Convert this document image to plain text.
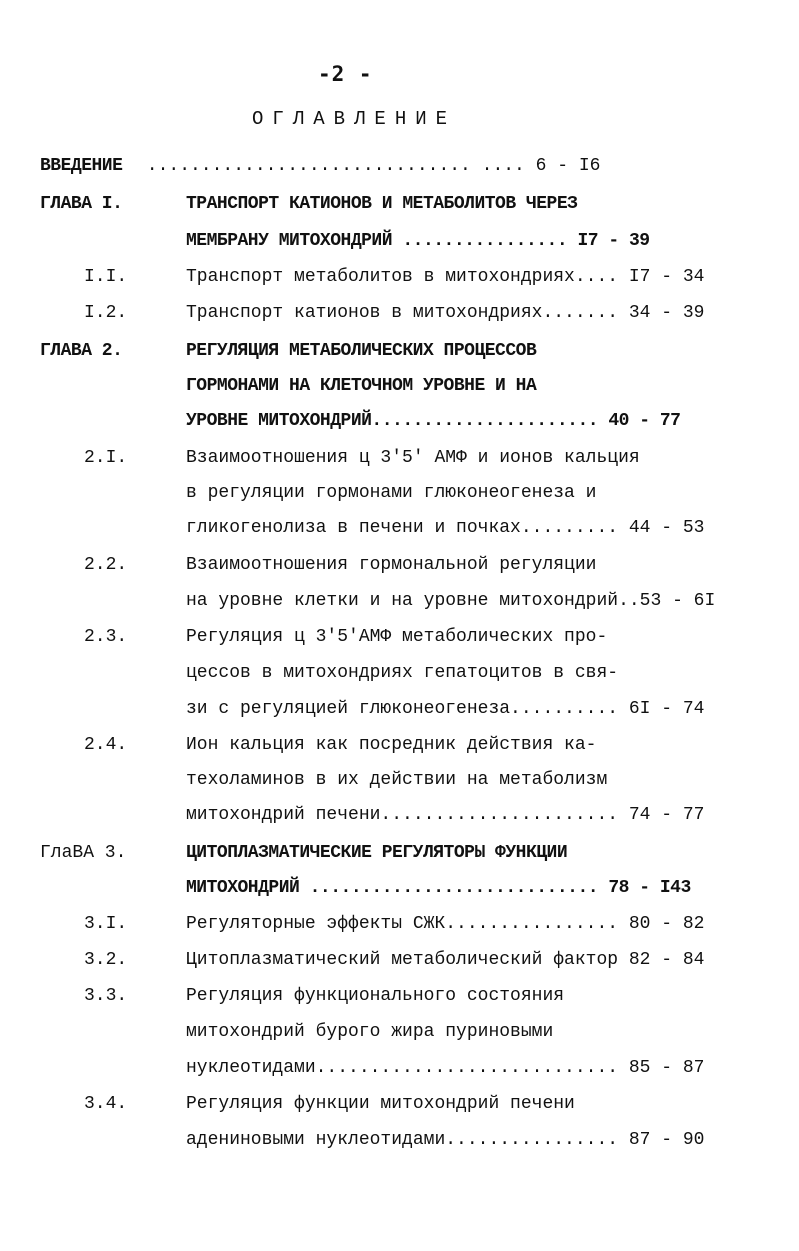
-2 -
ОГЛАВЛЕНИЕ
ВВЕДЕНИЕ .............................. .... 6 - I6
ГЛАВА I.	ТРАНСПОРТ КАТИОНОВ И МЕТАБОЛИТОВ ЧЕРЕЗ
МЕМБРАНУ МИТОХОНДРИЙ ................ I7 - 39
I.I.	Транспорт метаболитов в митохондриях.... I7 - 34
I.2.	Транспорт катионов в митохондриях....... 34 - 39
ГЛАВА 2.	РЕГУЛЯЦИЯ МЕТАБОЛИЧЕСКИХ ПРОЦЕССОВ
ГОРМОНАМИ НА КЛЕТОЧНОМ УРОВНЕ И НА
УРОВНЕ МИТОХОНДРИЙ...................... 40 - 77
2.I.	Взаимоотношения ц 3'5' АМФ и ионов кальция
в регуляции гормонами глюконеогенеза и
гликогенолиза в печени и почках......... 44 - 53
2.2.	Взаимоотношения гормональной регуляции
на уровне клетки и на уровне митохондрий..53 - 6I
2.3.	Регуляция ц 3'5'АМФ метаболических про-
цессов в митохондриях гепатоцитов в свя-
зи с регуляцией глюконеогенеза.......... 6I - 74
2.4.	Ион кальция как посредник действия ка-
техоламинов в их действии на метаболизм
митохондрий печени...................... 74 - 77
ГлаВА 3.	ЦИТОПЛАЗМАТИЧЕСКИЕ РЕГУЛЯТОРЫ ФУНКЦИИ
МИТОХОНДРИЙ ............................ 78 - I43
3.I.	Регуляторные эффекты СЖК................ 80 - 82
3.2.	Цитоплазматический метаболический фактор 82 - 84
3.3.	Регуляция функционального состояния
митохондрий бурого жира пуриновыми
нуклеотидами............................ 85 - 87
3.4.	Регуляция функции митохондрий печени
адениновыми нуклеотидами................ 87 - 90
